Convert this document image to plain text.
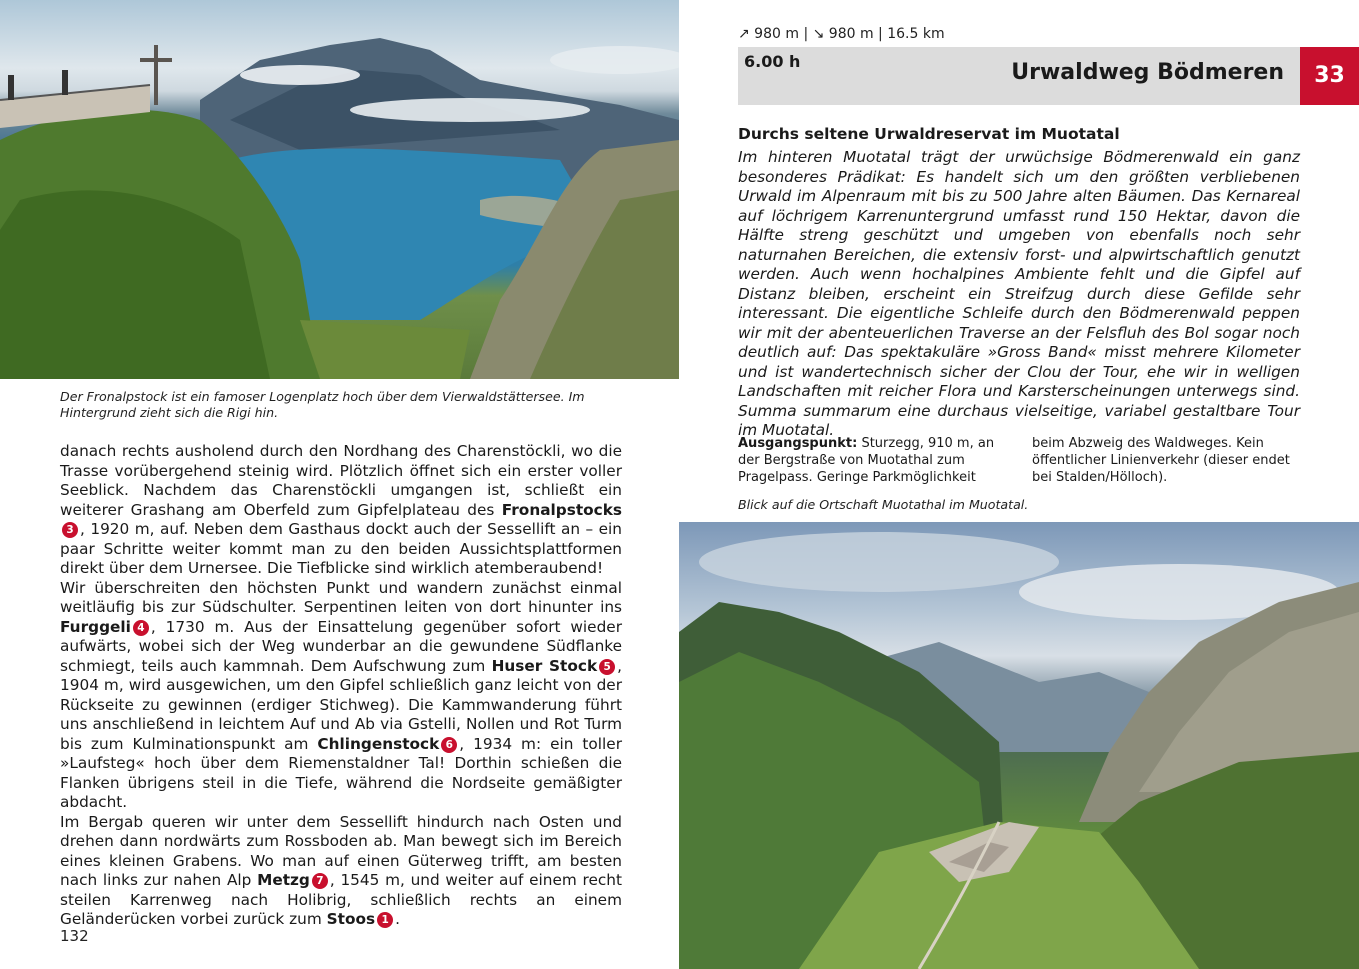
Der Fronalpstock ist ein famoser Logenplatz hoch über dem Vierwaldstättersee. Im Hintergrund zieht sich die Rigi hin.

danach rechts ausholend durch den Nordhang des Charenstöckli, wo die Trasse vorübergehend steinig wird. Plötzlich öffnet sich ein erster voller Seeblick. Nachdem das Charenstöckli umgangen ist, schließt ein weiterer Grashang am Oberfeld zum Gipfelplateau des Fronalpstocks3 , 1920 m, auf. Neben dem Gasthaus dockt auch der Sessellift an – ein paar Schritte weiter kommt man zu den beiden Aussichtsplattformen direkt über dem Urnersee. Die Tiefblicke sind wirklich atemberaubend!

Wir überschreiten den höchsten Punkt und wandern zunächst einmal weitläufig bis zur Südschulter. Serpentinen leiten von dort hinunter ins Furggeli 4 , 1730 m. Aus der Einsattelung gegenüber sofort wieder aufwärts, wobei sich der Weg wunderbar an die gewundene Südflanke schmiegt, teils auch kammnah. Dem Aufschwung zum Huser Stock 5 , 1904 m, wird ausgewichen, um den Gipfel schließlich ganz leicht von der Rückseite zu gewinnen (erdiger Stichweg). Die Kammwanderung führt uns anschließend in leichtem Auf und Ab via Gstelli, Nollen und Rot Turm bis zum Kulminationspunkt am Chlingenstock 6 , 1934 m: ein toller »Laufsteg« hoch über dem Riemenstaldner Tal! Dorthin schießen die Flanken übrigens steil in die Tiefe, während die Nordseite gemäßigter abdacht.

Im Bergab queren wir unter dem Sessellift hindurch nach Osten und drehen dann nordwärts zum Rossboden ab. Man bewegt sich im Bereich eines kleinen Grabens. Wo man auf einen Güterweg trifft, am besten nach links zur nahen Alp Metzg 7 , 1545 m, und weiter auf einem recht steilen Karrenweg nach Holibrig, schließlich rechts an einem Geländerücken vorbei zurück zum Stoos 1 .

132
↗ 980 m | ↘ 980 m | 16.5 km
6.00 h	Urwaldweg Bödmeren	33
Durchs seltene Urwaldreservat im Muotatal
Im hinteren Muotatal trägt der urwüchsige Bödmerenwald ein ganz besonderes Prädikat: Es handelt sich um den größten verbliebenen Urwald im Alpenraum mit bis zu 500 Jahre alten Bäumen. Das Kernareal auf löchrigem Karrenuntergrund umfasst rund 150 Hektar, davon die Hälfte streng geschützt und umgeben von ebenfalls noch sehr naturnahen Bereichen, die extensiv forst- und alpwirtschaftlich genutzt werden. Auch wenn hochalpines Ambiente fehlt und die Gipfel auf Distanz bleiben, erscheint ein Streifzug durch diese Gefilde sehr interessant. Die eigentliche Schleife durch den Bödmerenwald peppen wir mit der abenteuerlichen Traverse an der Felsfluh des Bol sogar noch deutlich auf: Das spektakuläre »Gross Band« misst mehrere Kilometer und ist wandertechnisch sicher der Clou der Tour, ehe wir in welligen Landschaften mit reicher Flora und Karsterscheinungen unterwegs sind. Summa summarum eine durchaus vielseitige, variabel gestaltbare Tour im Muotatal.
Ausgangspunkt: Sturzegg, 910 m, an der Bergstraße von Muotathal zum Pragelpass. Geringe Parkmöglichkeit beim Abzweig des Waldweges. Kein öffentlicher Linienverkehr (dieser endet bei Stalden/Hölloch).
Blick auf die Ortschaft Muotathal im Muotatal.
